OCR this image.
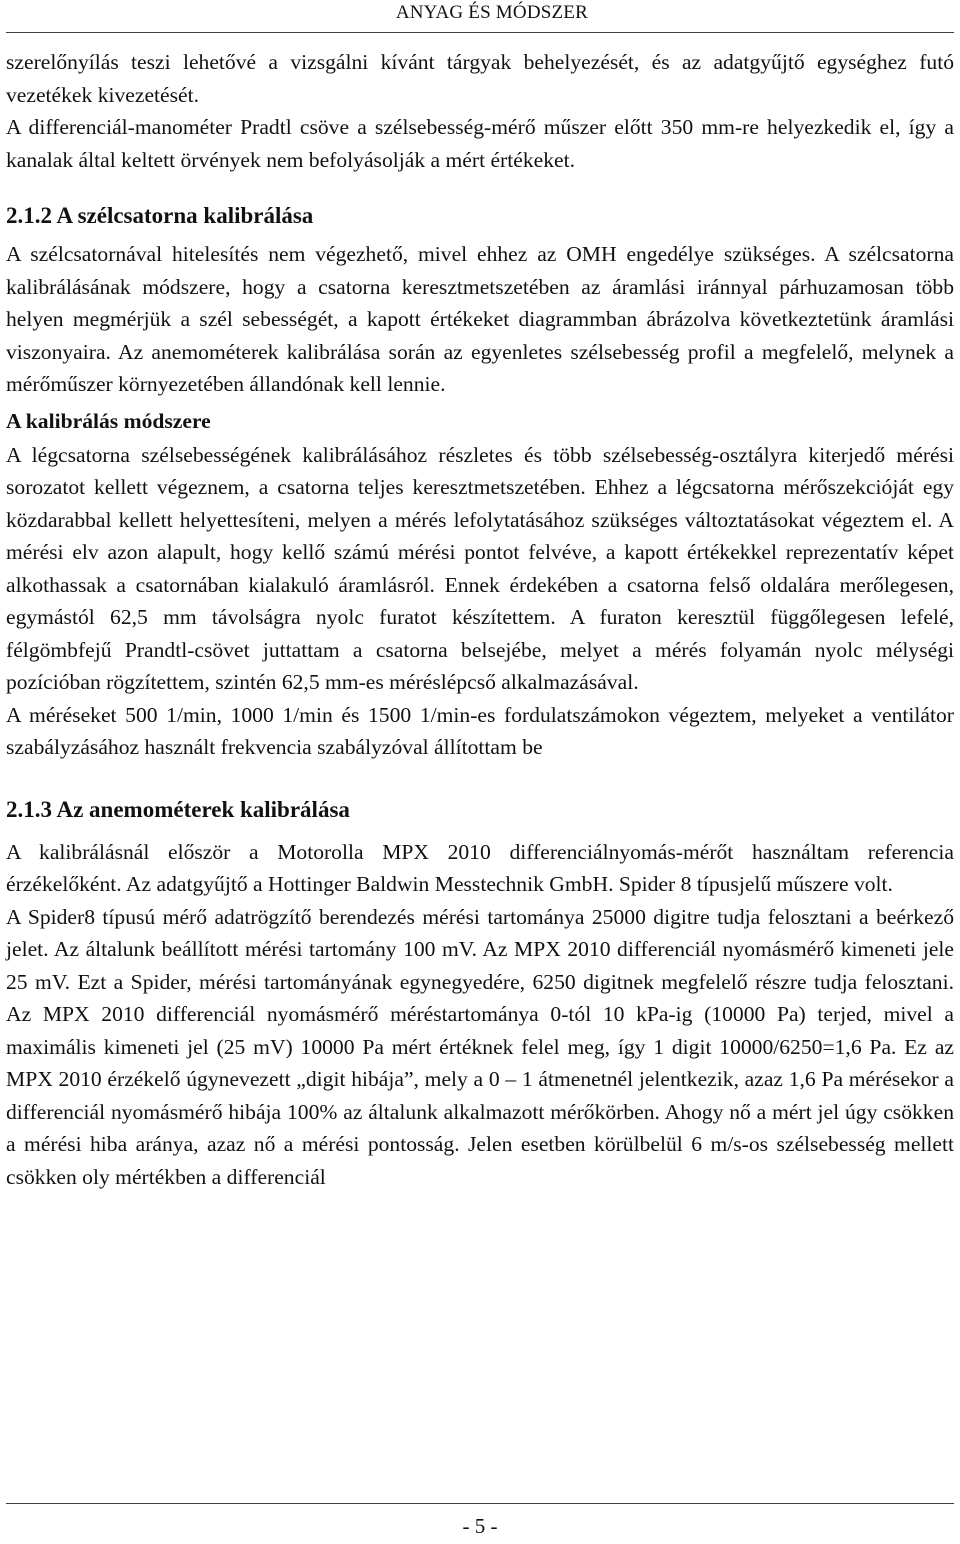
ANYAG ÉS MÓDSZER

szerelőnyílás teszi lehetővé a vizsgálni kívánt tárgyak behelyezését, és az adatgyűjtő egységhez futó vezetékek kivezetését.

A differenciál-manométer Pradtl csöve a szélsebesség-mérő műszer előtt 350 mm-re helyezkedik el, így a kanalak által keltett örvények nem befolyásolják a mért értékeket.

2.1.2 A szélcsatorna kalibrálása

A szélcsatornával hitelesítés nem végezhető, mivel ehhez az OMH engedélye szükséges. A szélcsatorna kalibrálásának módszere, hogy a csatorna keresztmetszetében az áramlási iránnyal párhuzamosan több helyen megmérjük a szél sebességét, a kapott értékeket diagrammban ábrázolva következtetünk áramlási viszonyaira. Az anemométerek kalibrálása során az egyenletes szélsebesség profil a megfelelő, melynek a mérőműszer környezetében állandónak kell lennie.

A kalibrálás módszere

A légcsatorna szélsebességének kalibrálásához részletes és több szélsebesség-osztályra kiterjedő mérési sorozatot kellett végeznem, a csatorna teljes keresztmetszetében. Ehhez a légcsatorna mérőszekcióját egy közdarabbal kellett helyettesíteni, melyen a mérés lefolytatásához szükséges változtatásokat végeztem el. A mérési elv azon alapult, hogy kellő számú mérési pontot felvéve, a kapott értékekkel reprezentatív képet alkothassak a csatornában kialakuló áramlásról. Ennek érdekében a csatorna felső oldalára merőlegesen, egymástól 62,5 mm távolságra nyolc furatot készítettem. A furaton keresztül függőlegesen lefelé, félgömbfejű Prandtl-csövet juttattam a csatorna belsejébe, melyet a mérés folyamán nyolc mélységi pozícióban rögzítettem, szintén 62,5 mm-es méréslépcső alkalmazásával.

A méréseket 500 1/min, 1000 1/min és 1500 1/min-es fordulatszámokon végeztem, melyeket a ventilátor szabályzásához használt frekvencia szabályzóval állítottam be

2.1.3 Az anemométerek kalibrálása

A kalibrálásnál először a Motorolla MPX 2010 differenciálnyomás-mérőt használtam referencia érzékelőként. Az adatgyűjtő a Hottinger Baldwin Messtechnik GmbH. Spider 8 típusjelű műszere volt.

A Spider8 típusú mérő adatrögzítő berendezés mérési tartománya 25000 digitre tudja felosztani a beérkező jelet. Az általunk beállított mérési tartomány 100 mV. Az MPX 2010 differenciál nyomásmérő kimeneti jele 25 mV. Ezt a Spider, mérési tartományának egynegyedére, 6250 digitnek megfelelő részre tudja felosztani. Az MPX 2010 differenciál nyomásmérő méréstartománya 0-tól 10 kPa-ig (10000 Pa) terjed, mivel a maximális kimeneti jel (25 mV) 10000 Pa mért értéknek felel meg, így 1 digit 10000/6250=1,6 Pa. Ez az MPX 2010 érzékelő úgynevezett „digit hibája”, mely a 0 – 1 átmenetnél jelentkezik, azaz 1,6 Pa mérésekor a differenciál nyomásmérő hibája 100% az általunk alkalmazott mérőkörben. Ahogy nő a mért jel úgy csökken a mérési hiba aránya, azaz nő a mérési pontosság. Jelen esetben körülbelül 6 m/s-os szélsebesség mellett csökken oly mértékben a differenciál

- 5 -
